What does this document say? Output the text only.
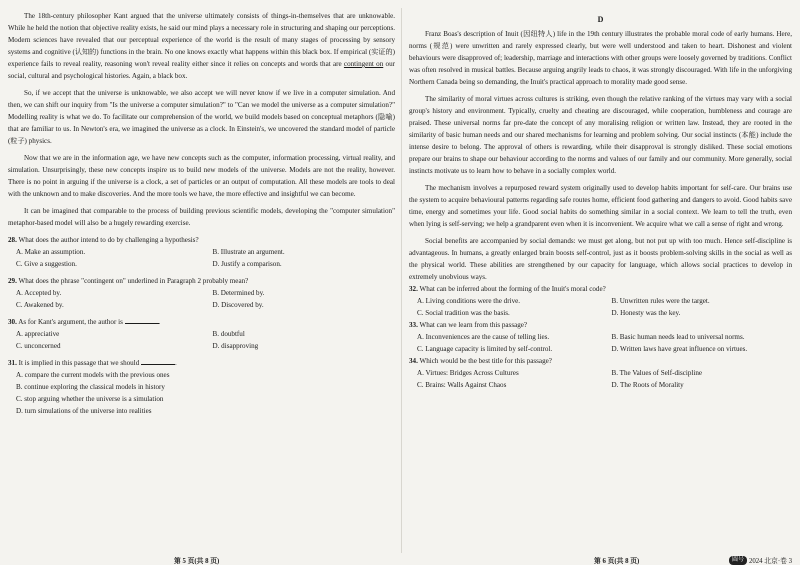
The 18th-century philosopher Kant argued that the universe ultimately consists of things-in-themselves that are unknowable. While he held the notion that objective reality exists, he said our mind plays a necessary role in structuring and shaping our perceptions. Modern sciences have revealed that our perceptual experience of the world is the result of many stages of processing by sensory systems and cognitive (认知的) functions in the brain. No one knows exactly what happens within this black box. If empirical (实证的) experience fails to reveal reality, reasoning won't reveal reality either since it relies on concepts and words that are contingent on our social, cultural and psychological histories. Again, a black box.

So, if we accept that the universe is unknowable, we also accept we will never know if we live in a computer simulation. And then, we can shift our inquiry from "Is the universe a computer simulation?" to "Can we model the universe as a computer simulation?" Modelling reality is what we do. To facilitate our comprehension of the world, we build models based on conceptual metaphors (隐喻) that are familiar to us. In Newton's era, we imagined the universe as a clock. In Einstein's, we uncovered the standard model of particle (粒子) physics.

Now that we are in the information age, we have new concepts such as the computer, information processing, virtual reality, and simulation. Unsurprisingly, these new concepts inspire us to build new models of the universe. Models are not the reality, however. There is no point in arguing if the universe is a clock, a set of particles or an output of computation. All these models are tools to deal with the unknown and to make discoveries. And the more tools we have, the more effective and insightful we can become.

It can be imagined that comparable to the process of building previous scientific models, developing the "computer simulation" metaphor-based model will also be a hugely rewarding exercise.

28. What does the author intend to do by challenging a hypothesis?

A. Make an assumption.	B. Illustrate an argument.
C. Give a suggestion.	D. Justify a comparison.

29. What does the phrase "contingent on" underlined in Paragraph 2 probably mean?

A. Accepted by.	B. Determined by.
C. Awakened by.	D. Discovered by.

30. As for Kant's argument, the author is	.

A. appreciative	B. doubtful
C. unconcerned	D. disapproving

31. It is implied in this passage that we should	.

A. compare the current models with the previous ones
B. continue exploring the classical models in history
C. stop arguing whether the universe is a simulation
D. turn simulations of the universe into realities
第 5 页(共 8 页)
D

Franz Boas's description of Inuit (因纽特人) life in the 19th century illustrates the probable moral code of early humans. Here, norms (规范) were unwritten and rarely expressed clearly, but were well understood and taken to heart. Dishonest and violent behaviours were disapproved of; leadership, marriage and interactions with other groups were loosely governed by traditions. Conflict was often resolved in musical battles. Because arguing angrily leads to chaos, it was strongly discouraged. With life in the unforgiving Northern Canada being so demanding, the Inuit's practical approach to morality made good sense.

The similarity of moral virtues across cultures is striking, even though the relative ranking of the virtues may vary with a social group's history and environment. Typically, cruelty and cheating are discouraged, while cooperation, humbleness and courage are praised. These universal norms far pre-date the concept of any moralising religion or written law. Instead, they are rooted in the similarity of basic human needs and our shared mechanisms for learning and problem solving. Our social instincts (本能) include the intense desire to belong. The approval of others is rewarding, while their disapproval is strongly disliked. These social emotions prepare our brains to shape our behaviour according to the norms and values of our family and our community. More generally, social instincts motivate us to learn how to behave in a socially complex world.

The mechanism involves a repurposed reward system originally used to develop habits important for self-care. Our brains use the system to acquire behavioural patterns regarding safe routes home, efficient food gathering and dangers to avoid. Good habits save time, energy and sometimes your life. Good social habits do something similar in a social context. We learn to tell the truth, even when lying is self-serving; we help a grandparent even when it is inconvenient. We acquire what we call a sense of right and wrong.

Social benefits are accompanied by social demands: we must get along, but not put up with too much. Hence self-discipline is advantageous. In humans, a greatly enlarged brain boosts self-control, just as it boosts problem-solving skills in the social as well as the physical world. These abilities are strengthened by our capacity for language, which allows social practices to develop in extremely unobvious ways.

32. What can be inferred about the forming of the Inuit's moral code?

A. Living conditions were the drive.	B. Unwritten rules were the target.
C. Social tradition was the basis.	D. Honesty was the key.

33. What can we learn from this passage?

A. Inconveniences are the cause of telling lies.	B. Basic human needs lead to universal norms.
C. Language capacity is limited by self-control.	D. Written laws have great influence on virtues.

34. Which would be the best title for this passage?

A. Virtues: Bridges Across Cultures	B. The Values of Self-discipline
C. Brains: Walls Against Chaos	D. The Roots of Morality
第 6 页(共 8 页)	圆号 2024 北京·卷 3
